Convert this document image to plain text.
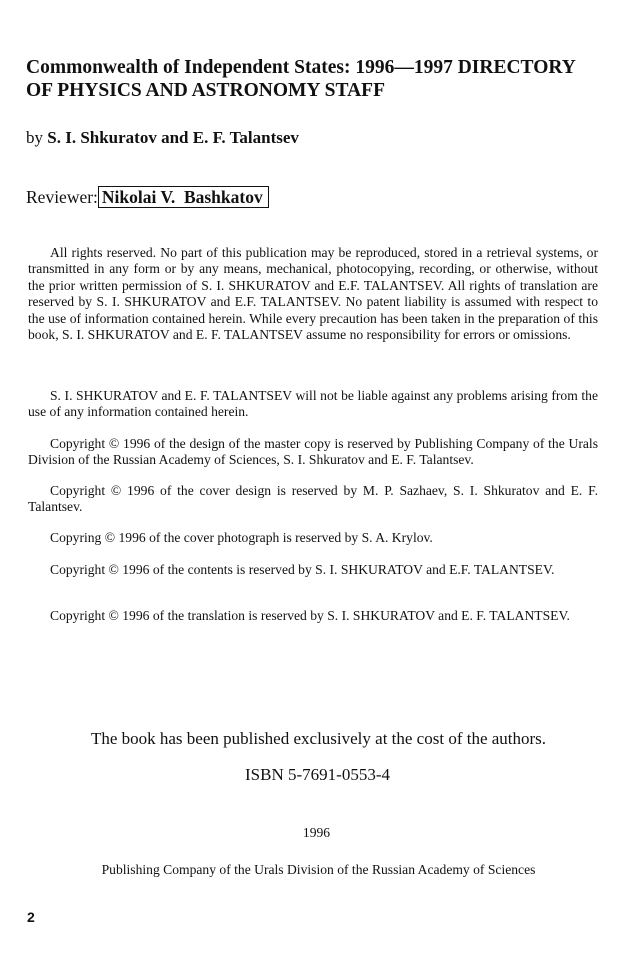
Commonwealth of Independent States: 1996—1997 DIRECTORY OF PHYSICS AND ASTRONOMY STAFF
by S. I. Shkuratov and E. F. Talantsev
Reviewer: Nikolai V.  Bashkatov

All rights reserved. No part of this publication may be reproduced, stored in a retrieval systems, or transmitted in any form or by any means, mechanical, photocopying, recording, or otherwise, without the prior written permission of S. I. SHKURATOV and E.F. TALANTSEV. All rights of translation are reserved by S. I. SHKURATOV and E.F. TALANTSEV. No patent liability is assumed with respect to the use of information contained herein. While every precaution has been taken in the preparation of this book, S. I. SHKURATOV and E. F. TALANTSEV assume no responsibility for errors or omissions.

S. I. SHKURATOV and E. F. TALANTSEV will not be liable against any problems arising from the use of any information contained herein.

Copyright © 1996 of the design of the master copy is reserved by Publishing Company of the Urals Division of the Russian Academy of Sciences, S. I. Shkuratov and E. F. Talantsev.

Copyright © 1996 of the cover design is reserved by M. P. Sazhaev, S. I. Shkuratov and E. F. Talantsev.

Copyring © 1996 of the cover photograph is reserved by S. A. Krylov.

Copyright © 1996 of the contents is reserved by S. I. SHKURATOV and E.F. TALANTSEV.

Copyright © 1996 of the translation is reserved by S. I. SHKURATOV and E. F. TALANTSEV.

The book has been published exclusively at the cost of the authors.
ISBN 5-7691-0553-4
1996
Publishing Company of the Urals Division of the Russian Academy of Sciences
2
